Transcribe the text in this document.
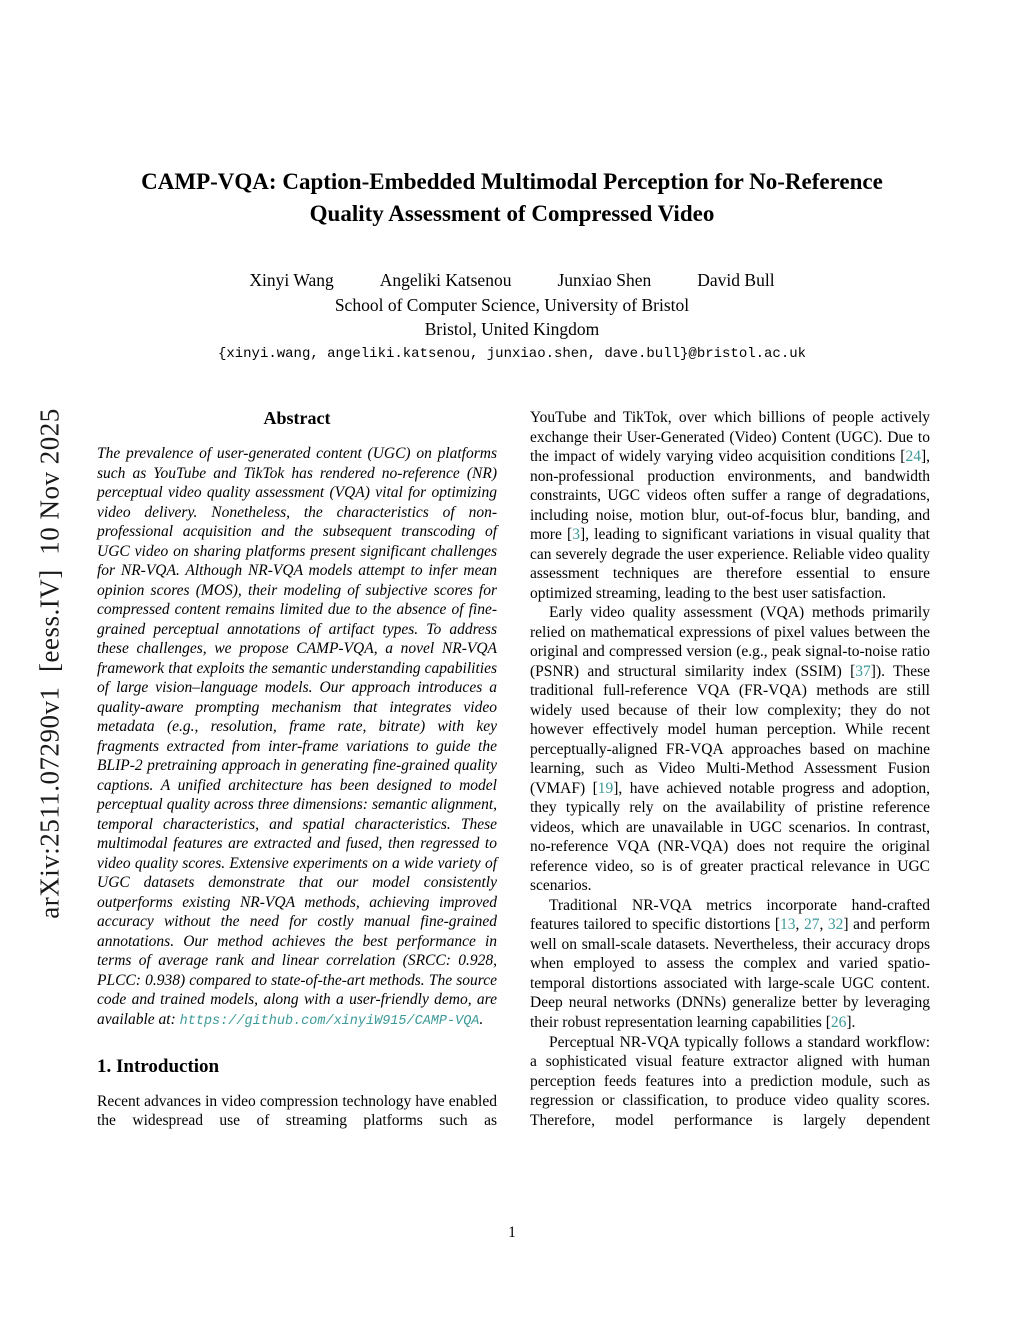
arXiv:2511.07290v1  [eess.IV]  10 Nov 2025
CAMP-VQA: Caption-Embedded Multimodal Perception for No-Reference
Quality Assessment of Compressed Video
Xinyi Wang	Angeliki Katsenou	Junxiao Shen	David Bull
School of Computer Science, University of Bristol
Bristol, United Kingdom
{xinyi.wang, angeliki.katsenou, junxiao.shen, dave.bull}@bristol.ac.uk
Abstract

The prevalence of user-generated content (UGC) on platforms such as YouTube and TikTok has rendered no-reference (NR) perceptual video quality assessment (VQA) vital for optimizing video delivery. Nonetheless, the characteristics of non-professional acquisition and the subsequent transcoding of UGC video on sharing platforms present significant challenges for NR-VQA. Although NR-VQA models attempt to infer mean opinion scores (MOS), their modeling of subjective scores for compressed content remains limited due to the absence of fine-grained perceptual annotations of artifact types. To address these challenges, we propose CAMP-VQA, a novel NR-VQA framework that exploits the semantic understanding capabilities of large vision–language models. Our approach introduces a quality-aware prompting mechanism that integrates video metadata (e.g., resolution, frame rate, bitrate) with key fragments extracted from inter-frame variations to guide the BLIP-2 pretraining approach in generating fine-grained quality captions. A unified architecture has been designed to model perceptual quality across three dimensions: semantic alignment, temporal characteristics, and spatial characteristics. These multimodal features are extracted and fused, then regressed to video quality scores. Extensive experiments on a wide variety of UGC datasets demonstrate that our model consistently outperforms existing NR-VQA methods, achieving improved accuracy without the need for costly manual fine-grained annotations. Our method achieves the best performance in terms of average rank and linear correlation (SRCC: 0.928, PLCC: 0.938) compared to state-of-the-art methods. The source code and trained models, along with a user-friendly demo, are available at: https://github.com/xinyiW915/CAMP-VQA.

1. Introduction

Recent advances in video compression technology have enabled the widespread use of streaming platforms such as

YouTube and TikTok, over which billions of people actively exchange their User-Generated (Video) Content (UGC). Due to the impact of widely varying video acquisition conditions [24], non-professional production environments, and bandwidth constraints, UGC videos often suffer a range of degradations, including noise, motion blur, out-of-focus blur, banding, and more [3], leading to significant variations in visual quality that can severely degrade the user experience. Reliable video quality assessment techniques are therefore essential to ensure optimized streaming, leading to the best user satisfaction.

Early video quality assessment (VQA) methods primarily relied on mathematical expressions of pixel values between the original and compressed version (e.g., peak signal-to-noise ratio (PSNR) and structural similarity index (SSIM) [37]). These traditional full-reference VQA (FR-VQA) methods are still widely used because of their low complexity; they do not however effectively model human perception. While recent perceptually-aligned FR-VQA approaches based on machine learning, such as Video Multi-Method Assessment Fusion (VMAF) [19], have achieved notable progress and adoption, they typically rely on the availability of pristine reference videos, which are unavailable in UGC scenarios. In contrast, no-reference VQA (NR-VQA) does not require the original reference video, so is of greater practical relevance in UGC scenarios.

Traditional NR-VQA metrics incorporate hand-crafted features tailored to specific distortions [13, 27, 32] and perform well on small-scale datasets. Nevertheless, their accuracy drops when employed to assess the complex and varied spatio-temporal distortions associated with large-scale UGC content. Deep neural networks (DNNs) generalize better by leveraging their robust representation learning capabilities [26].

Perceptual NR-VQA typically follows a standard workflow: a sophisticated visual feature extractor aligned with human perception feeds features into a prediction module, such as regression or classification, to produce video quality scores. Therefore, model performance is largely dependent

1
